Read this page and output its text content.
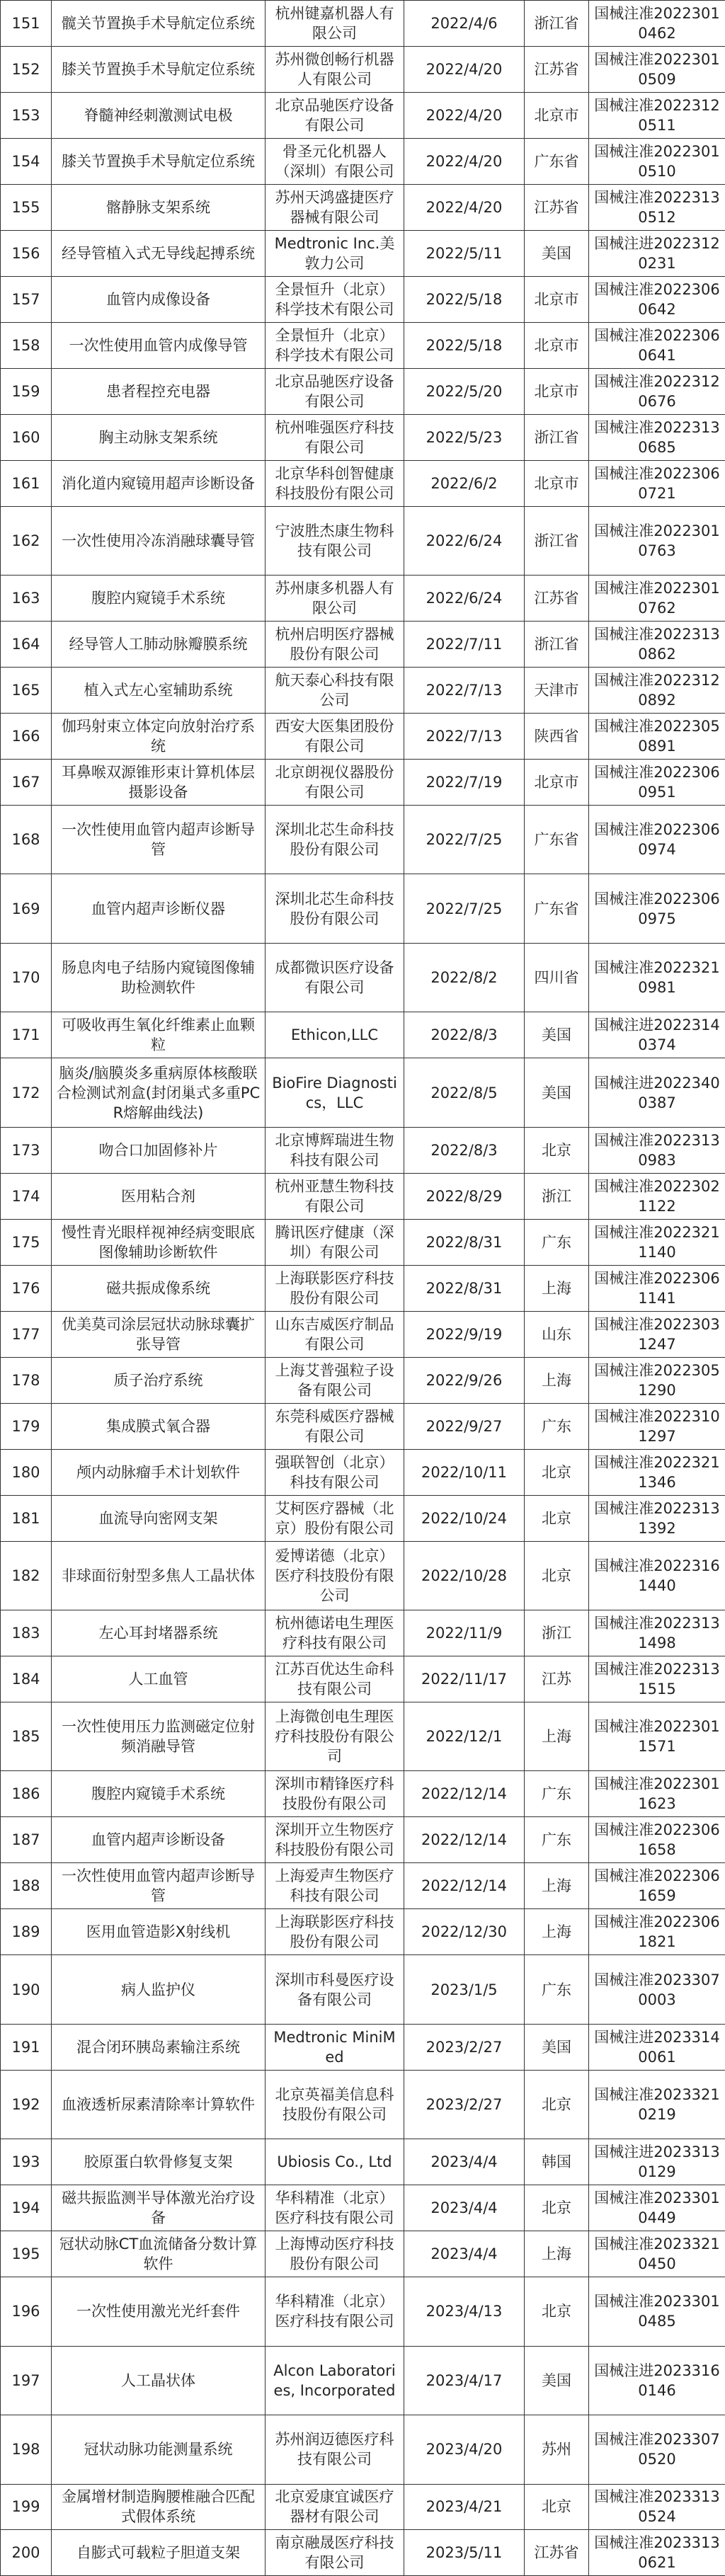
151	髋关节置换手术导航定位系统	杭州键嘉机器人有限公司	2022/4/6	浙江省	国械注准20223010462
152	膝关节置换手术导航定位系统	苏州微创畅行机器人有限公司	2022/4/20	江苏省	国械注准20223010509
153	脊髓神经刺激测试电极	北京品驰医疗设备有限公司	2022/4/20	北京市	国械注准20223120511
154	膝关节置换手术导航定位系统	骨圣元化机器人（深圳）有限公司	2022/4/20	广东省	国械注准20223010510
155	髂静脉支架系统	苏州天鸿盛捷医疗器械有限公司	2022/4/20	江苏省	国械注准20223130512
156	经导管植入式无导线起搏系统	Medtronic Inc.美敦力公司	2022/5/11	美国	国械注进20223120231
157	血管内成像设备	全景恒升（北京）科学技术有限公司	2022/5/18	北京市	国械注准20223060642
158	一次性使用血管内成像导管	全景恒升（北京）科学技术有限公司	2022/5/18	北京市	国械注准20223060641
159	患者程控充电器	北京品驰医疗设备有限公司	2022/5/20	北京市	国械注准20223120676
160	胸主动脉支架系统	杭州唯强医疗科技有限公司	2022/5/23	浙江省	国械注准20223130685
161	消化道内窥镜用超声诊断设备	北京华科创智健康科技股份有限公司	2022/6/2	北京市	国械注准20223060721
162	一次性使用冷冻消融球囊导管	宁波胜杰康生物科技有限公司	2022/6/24	浙江省	国械注准20223010763
163	腹腔内窥镜手术系统	苏州康多机器人有限公司	2022/6/24	江苏省	国械注准20223010762
164	经导管人工肺动脉瓣膜系统	杭州启明医疗器械股份有限公司	2022/7/11	浙江省	国械注准20223130862
165	植入式左心室辅助系统	航天泰心科技有限公司	2022/7/13	天津市	国械注准20223120892
166	伽玛射束立体定向放射治疗系统	西安大医集团股份有限公司	2022/7/13	陕西省	国械注准20223050891
167	耳鼻喉双源锥形束计算机体层摄影设备	北京朗视仪器股份有限公司	2022/7/19	北京市	国械注准20223060951
168	一次性使用血管内超声诊断导管	深圳北芯生命科技股份有限公司	2022/7/25	广东省	国械注准20223060974
169	血管内超声诊断仪器	深圳北芯生命科技股份有限公司	2022/7/25	广东省	国械注准20223060975
170	肠息肉电子结肠内窥镜图像辅助检测软件	成都微识医疗设备有限公司	2022/8/2	四川省	国械注准20223210981
171	可吸收再生氧化纤维素止血颗粒	Ethicon,LLC	2022/8/3	美国	国械注进20223140374
172	脑炎/脑膜炎多重病原体核酸联合检测试剂盒(封闭巢式多重PCR熔解曲线法)	BioFire Diagnostics，LLC	2022/8/5	美国	国械注进20223400387
173	吻合口加固修补片	北京博辉瑞进生物科技有限公司	2022/8/3	北京	国械注准20223130983
174	医用粘合剂	杭州亚慧生物科技有限公司	2022/8/29	浙江	国械注准20223021122
175	慢性青光眼样视神经病变眼底图像辅助诊断软件	腾讯医疗健康（深圳）有限公司	2022/8/31	广东	国械注准20223211140
176	磁共振成像系统	上海联影医疗科技股份有限公司	2022/8/31	上海	国械注准20223061141
177	优美莫司涂层冠状动脉球囊扩张导管	山东吉威医疗制品有限公司	2022/9/19	山东	国械注准20223031247
178	质子治疗系统	上海艾普强粒子设备有限公司	2022/9/26	上海	国械注准20223051290
179	集成膜式氧合器	东莞科威医疗器械有限公司	2022/9/27	广东	国械注准20223101297
180	颅内动脉瘤手术计划软件	强联智创（北京）科技有限公司	2022/10/11	北京	国械注准20223211346
181	血流导向密网支架	艾柯医疗器械（北京）股份有限公司	2022/10/24	北京	国械注准20223131392
182	非球面衍射型多焦人工晶状体	爱博诺德（北京）医疗科技股份有限公司	2022/10/28	北京	国械注准20223161440
183	左心耳封堵器系统	杭州德诺电生理医疗科技有限公司	2022/11/9	浙江	国械注准20223131498
184	人工血管	江苏百优达生命科技有限公司	2022/11/17	江苏	国械注准20223131515
185	一次性使用压力监测磁定位射频消融导管	上海微创电生理医疗科技股份有限公司	2022/12/1	上海	国械注准20223011571
186	腹腔内窥镜手术系统	深圳市精锋医疗科技股份有限公司	2022/12/14	广东	国械注准20223011623
187	血管内超声诊断设备	深圳开立生物医疗科技股份有限公司	2022/12/14	广东	国械注准20223061658
188	一次性使用血管内超声诊断导管	上海爱声生物医疗科技有限公司	2022/12/14	上海	国械注准20223061659
189	医用血管造影X射线机	上海联影医疗科技股份有限公司	2022/12/30	上海	国械注准20223061821
190	病人监护仪	深圳市科曼医疗设备有限公司	2023/1/5	广东	国械注准20233070003
191	混合闭环胰岛素输注系统	Medtronic MiniMed	2023/2/27	美国	国械注进20233140061
192	血液透析尿素清除率计算软件	北京英福美信息科技股份有限公司	2023/2/27	北京	国械注准20233210219
193	胶原蛋白软骨修复支架	Ubiosis Co., Ltd	2023/4/4	韩国	国械注进20233130129
194	磁共振监测半导体激光治疗设备	华科精准（北京）医疗科技有限公司	2023/4/4	北京	国械注准20233010449
195	冠状动脉CT血流储备分数计算软件	上海博动医疗科技股份有限公司	2023/4/4	上海	国械注准20233210450
196	一次性使用激光光纤套件	华科精准（北京）医疗科技有限公司	2023/4/13	北京	国械注准20233010485
197	人工晶状体	Alcon Laboratories, Incorporated	2023/4/17	美国	国械注进20233160146
198	冠状动脉功能测量系统	苏州润迈德医疗科技有限公司	2023/4/20	苏州	国械注准20233070520
199	金属增材制造胸腰椎融合匹配式假体系统	北京爱康宜诚医疗器材有限公司	2023/4/21	北京	国械注准20233130524
200	自膨式可载粒子胆道支架	南京融晟医疗科技有限公司	2023/5/11	江苏省	国械注准20233130621
